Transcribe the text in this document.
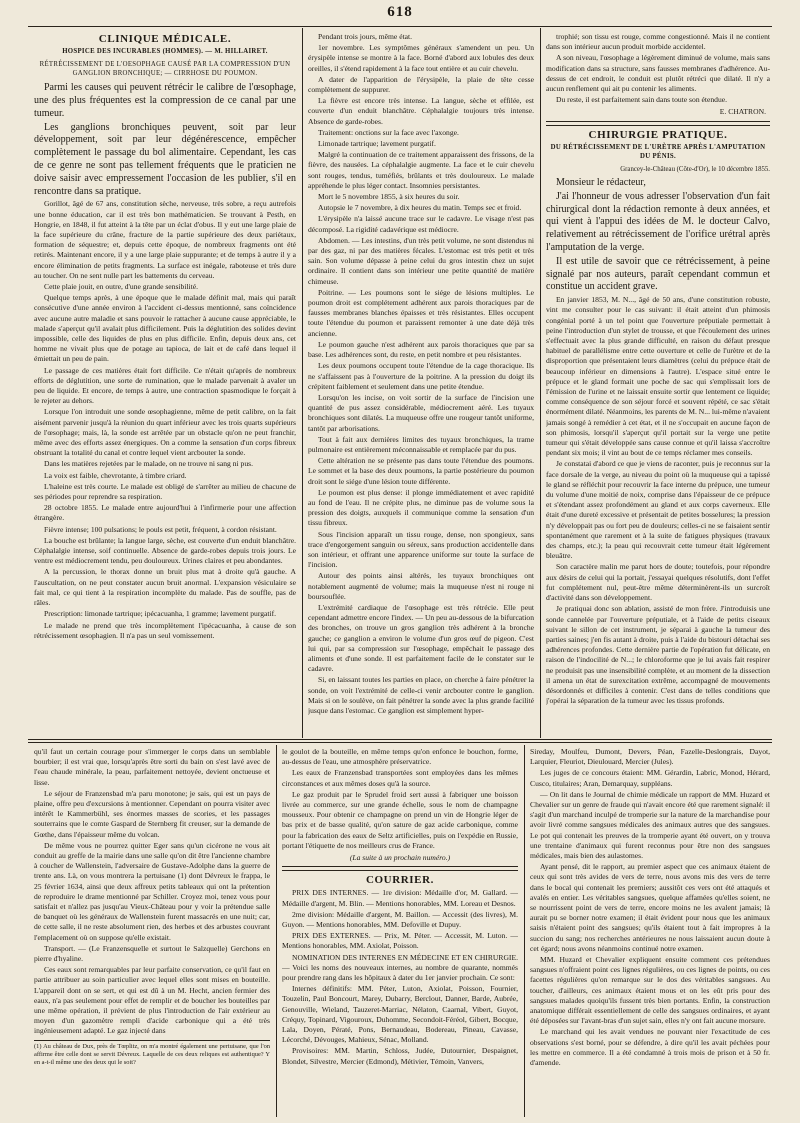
618
CLINIQUE MÉDICALE.
HOSPICE DES INCURABLES (HOMMES). — M. HILLAIRET.
RÉTRÉCISSEMENT DE L'OESOPHAGE CAUSÉ PAR LA COMPRESSION D'UN GANGLION BRONCHIQUE; — CIRRHOSE DU POUMON.

Parmi les causes qui peuvent rétrécir le calibre de l'œsophage, une des plus fréquentes est la compression de ce canal par une tumeur.

Les ganglions bronchiques peuvent, soit par leur développement, soit par leur dégénérescence, empêcher complètement le passage du bol alimentaire. Cependant, les cas de ce genre ne sont pas tellement fréquents que le praticien ne doive saisir avec empressement l'occasion de les publier, s'il en rencontre dans sa pratique.

Gorillot, âgé de 67 ans, constitution sèche, nerveuse, très sobre, a reçu autrefois une bonne éducation, car il est très bon mathématicien. Se trouvant à Pesth, en Hongrie, en 1848, il fut atteint à la tête par un éclat d'obus. Il y eut une large plaie de la face supérieure du crâne, fracture de la partie supérieure des deux pariétaux, formation de séquestre; et, depuis cette époque, de nombreux fragments ont été retirés. Maintenant encore, il y a une large plaie suppurante; et de temps à autre il y a encore élimination de petits fragments. La surface est inégale, raboteuse et très dure au toucher. On ne sent nulle part les battements du cerveau.

Cette plaie jouit, en outre, d'une grande sensibilité.

Quelque temps après, à une époque que le malade définit mal, mais qui paraît consécutive d'une année environ à l'accident ci-dessus mentionné, sans coïncidence avec aucune autre maladie et sans pouvoir le rattacher à aucune cause appréciable, le malade s'aperçut qu'il avalait plus difficilement. Puis la déglutition des solides devint impossible, celle des liquides de plus en plus difficile. Enfin, depuis deux ans, cet homme ne vivait plus que de potage au tapioca, de lait et de café dans lequel il émiettait un peu de pain.

Le passage de ces matières était fort difficile. Ce n'était qu'après de nombreux efforts de déglutition, une sorte de rumination, que le malade parvenait à avaler un peu de liquide. Et encore, de temps à autre, une contraction spasmodique le forçait à le rejeter au dehors.

Lorsque l'on introduit une sonde œsophagienne, même de petit calibre, on la fait aisément parvenir jusqu'à la réunion du quart inférieur avec les trois quarts supérieurs de l'œsophage; mais, là, la sonde est arrêtée par un obstacle qu'on ne peut franchir, même avec des efforts assez énergiques. On a comme la sensation d'un corps fibreux obstruant la totalité du canal et contre lequel vient arcbouter la sonde.

Dans les matières rejetées par le malade, on ne trouve ni sang ni pus.

La voix est faible, chevrotante, à timbre criard.

L'haleine est très courte. Le malade est obligé de s'arrêter au milieu de chacune de ses périodes pour reprendre sa respiration.

28 octobre 1855. Le malade entre aujourd'hui à l'infirmerie pour une affection étrangère.

Fièvre intense; 100 pulsations; le pouls est petit, fréquent, à cordon résistant.

La bouche est brûlante; la langue large, sèche, est couverte d'un enduit blanchâtre. Céphalalgie intense, soif continuelle. Absence de garde-robes depuis trois jours. Le ventre est médiocrement tendu, peu douloureux. Urines claires et peu abondantes.

A la percussion, le thorax donne un bruit plus mat à droite qu'à gauche. A l'auscultation, on ne peut constater aucun bruit anormal. L'expansion vésiculaire se fait mal, ce qui tient à la respiration incomplète du malade. Pas de souffle, pas de râles.

Prescription: limonade tartrique; ipécacuanha, 1 gramme; lavement purgatif.

Le malade ne prend que très incomplètement l'ipécacuanha, à cause de son rétrécissement œsophagien. Il n'a pas un seul vomissement.

Pendant trois jours, même état.

1er novembre. Les symptômes généraux s'amendent un peu. Un érysipèle intense se montre à la face. Borné d'abord aux lobules des deux oreilles, il s'étend rapidement à la face tout entière et au cuir chevelu.

A dater de l'apparition de l'érysipèle, la plaie de tête cesse complètement de suppurer.

La fièvre est encore très intense. La langue, sèche et effilée, est couverte d'un enduit blanchâtre. Céphalalgie toujours très intense. Absence de garde-robes.

Traitement: onctions sur la face avec l'axonge.

Limonade tartrique; lavement purgatif.

Malgré la continuation de ce traitement apparaissent des frissons, de la fièvre, des nausées. La céphalalgie augmente. La face et le cuir chevelu sont rouges, tendus, tuméfiés, brûlants et très douloureux. Le malade appréhende le plus léger contact. Insomnies persistantes.

Mort le 5 novembre 1855, à six heures du soir.

Autopsie le 7 novembre, à dix heures du matin. Temps sec et froid.

L'érysipèle n'a laissé aucune trace sur le cadavre. Le visage n'est pas décomposé. La rigidité cadavérique est médiocre.

Abdomen. — Les intestins, d'un très petit volume, ne sont distendus ni par des gaz, ni par des matières fécales. L'estomac est très petit et très sain. Son volume dépasse à peine celui du gros intestin chez un sujet ordinaire. Il contient dans son intérieur une petite quantité de matière chimeuse.

Poitrine. — Les poumons sont le siége de lésions multiples. Le poumon droit est complétement adhérent aux parois thoraciques par de fausses membranes blanches épaisses et très résistantes. Elles occupent toute l'étendue du poumon et paraissent remonter à une date déjà très ancienne.

Le poumon gauche n'est adhérent aux parois thoraciques que par sa base. Les adhérences sont, du reste, en petit nombre et peu résistantes.

Les deux poumons occupent toute l'étendue de la cage thoracique. Ils ne s'affaissent pas à l'ouverture de la poitrine. A la pression du doigt ils crépitent faiblement et seulement dans une petite étendue.

Lorsqu'on les incise, on voit sortir de la surface de l'incision une quantité de pus assez considérable, médiocrement aéré. Les tuyaux bronchiques sont dilatés. La muqueuse offre une rougeur tantôt uniforme, tantôt par arborisations.

Tout à fait aux dernières limites des tuyaux bronchiques, la trame pulmonaire est entièrement méconnaissable et remplacée par du pus.

Cette altération ne se présente pas dans toute l'étendue des poumons. Le sommet et la base des deux poumons, la partie postérieure du poumon droit sont le siége d'une lésion toute différente.

Le poumon est plus dense: il plonge immédiatement et avec rapidité au fond de l'eau. Il ne crépite plus, ne diminue pas de volume sous la pression des doigts, auxquels il communique comme la sensation d'un tissu fibreux.

Sous l'incision apparaît un tissu rouge, dense, non spongieux, sans trace d'engorgement sanguin ou séreux, sans production accidentelle dans son intérieur, et offrant une apparence uniforme sur toute la surface de l'incision.

Autour des points ainsi altérés, les tuyaux bronchiques ont notablement augmenté de volume; mais la muqueuse n'est ni rouge ni boursouflée.

L'extrémité cardiaque de l'œsophage est très rétrécie. Elle peut cependant admettre encore l'index. — Un peu au-dessous de la bifurcation des bronches, on trouve un gros ganglion très adhérent à la bronche gauche; ce ganglion a environ le volume d'un gros œuf de pigeon. C'est lui qui, par sa compression sur l'œsophage, empêchait le passage des aliments et d'une sonde. Il est parfaitement facile de le constater sur le cadavre.

Si, en laissant toutes les parties en place, on cherche à faire pénétrer la sonde, on voit l'extrémité de celle-ci venir arcbouter contre le ganglion. Mais si on le soulève, on fait pénétrer la sonde avec la plus grande facilité jusque dans l'estomac. Ce ganglion est simplement hyper-

trophié; son tissu est rouge, comme congestionné. Mais il ne contient dans son intérieur aucun produit morbide accidentel.

A son niveau, l'œsophage a légèrement diminué de volume, mais sans modification dans sa structure, sans fausses membranes d'adhérence. Au-dessus de cet endroit, le conduit est plutôt rétréci que dilaté. Il n'y a aucun renflement qui ait pu contenir les aliments.

Du reste, il est parfaitement sain dans toute son étendue.

E. CHATRON.
CHIRURGIE PRATIQUE.
DU RÉTRÉCISSEMENT DE L'URÈTRE APRÈS L'AMPUTATION DU PÉNIS.
Grancey-le-Château (Côte-d'Or), le 10 décembre 1855.

Monsieur le rédacteur,

J'ai l'honneur de vous adresser l'observation d'un fait chirurgical dont la rédaction remonte à deux années, et qui vient à l'appui des idées de M. le docteur Calvo, relativement au rétrécissement de l'orifice urétral après l'amputation de la verge.

Il est utile de savoir que ce rétrécissement, à peine signalé par nos auteurs, paraît cependant commun et constitue un accident grave.

En janvier 1853, M. N..., âgé de 50 ans, d'une constitution robuste, vint me consulter pour le cas suivant: il était atteint d'un phimosis congénial porté à un tel point que l'ouverture préputiale permettait à peine l'introduction d'un stylet de trousse, et que l'écoulement des urines s'effectuait avec la plus grande difficulté, en raison du défaut presque habituel de parallélisme entre cette ouverture et celle de l'urètre et de la disproportion que présentaient leurs diamètres (celui du prépuce était de beaucoup inférieur en dimensions à l'autre). L'espace situé entre le prépuce et le gland formait une poche de sac qui s'emplissait lors de l'émission de l'urine et ne laissait ensuite sortir que lentement ce liquide; comme conséquence de son séjour forcé et souvent répété, ce sac s'était énormément dilaté. Néanmoins, les parents de M. N... lui-même n'avaient jamais songé à remédier à cet état, et il ne s'occupait en aucune façon de son phimosis, lorsqu'il s'aperçut qu'il portait sur la verge une petite tumeur qui s'était développée sans cause connue et qu'il laissa s'accroître pendant six mois; il vint au bout de ce temps réclamer mes conseils.

Je constatai d'abord ce que je viens de raconter, puis je reconnus sur la face dorsale de la verge, au niveau du point où la muqueuse qui a tapissé le gland se réfléchit pour recouvrir la face interne du prépuce, une tumeur du volume d'une moitié de noix, comprise dans l'épaisseur de ce prépuce et s'étendant assez profondément au gland et aux corps caverneux. Elle était d'une dureté excessive et présentait de petites bosselures; la pression n'y développait pas ou fort peu de douleurs; celles-ci ne se faisaient sentir spontanément que rarement et à la suite de fatigues physiques (travaux des champs, etc.); la peau qui recouvrait cette tumeur était légèrement bleuâtre.

Son caractère malin me parut hors de doute; toutefois, pour répondre aux désirs de celui qui la portait, j'essayai quelques résolutifs, dont l'effet fut complétement nul, peut-être même déterminèrent-ils un surcroît d'activité dans son développement.

Je pratiquai donc son ablation, assisté de mon frère. J'introduisis une sonde cannelée par l'ouverture préputiale, et à l'aide de petits ciseaux suivant le sillon de cet instrument, je séparai à gauche la tumeur des parties saines; j'en fis autant à droite, puis à l'aide du bistouri détachai ses adhérences profondes. Cette dernière partie de l'opération fut délicate, en raison de l'indocilité de N...; le chloroforme que je lui avais fait respirer ne produisit pas une insensibilité complète, et au moment de la dissection il amena un état de surexcitation extrême, accompagné de mouvements désordonnés et difficiles à contenir. C'est dans de telles conditions que j'opérai la séparation de la tumeur avec les tissus profonds.

qu'il faut un certain courage pour s'immerger le corps dans un semblable bourbier; il est vrai que, lorsqu'après être sorti du bain on s'est lavé avec de l'eau chaude minérale, la peau, parfaitement nettoyée, devient onctueuse et lisse.

Le séjour de Franzensbad m'a paru monotone; je sais, qui est un pays de plaine, offre peu d'excursions à mentionner. Cependant on pourra visiter avec intérêt le Kammerbühl, ses énormes masses de scories, et les passages souterrains que le comte Gaspard de Sternberg fit creuser, sur la demande de Gœthe, dans l'épaisseur même du volcan.

De même vous ne pourrez quitter Eger sans qu'un cicérone ne vous ait conduit au greffe de la mairie dans une salle qu'on dit être l'ancienne chambre à coucher de Wallenstein, l'adversaire de Gustave-Adolphe dans la guerre de trente ans. Là, on vous montrera la pertuisane (1) dont Dévreux le frappa, le 25 février 1634, ainsi que deux affreux petits tableaux qui ont la prétention de reproduire le drame mentionné par Schiller. Croyez moi, tenez vous pour satisfait et n'allez pas jusqu'au Vieux-Château pour y voir la prétendue salle de banquet où les généraux de Wallenstein furent massacrés en une nuit; car, de cette salle, il ne reste absolument rien, des herbes et des arbustes couvrant l'emplacement où on suppose qu'elle existait.

Transport. — (Le Franzensquelle et surtout le Salzquelle) Gerchons en pierre d'hyaline.

Ces eaux sont remarquables par leur parfaite conservation, ce qu'il faut en partie attribuer au soin particulier avec lequel elles sont mises en bouteille. L'appareil dont on se sert, et qui est dû à un M. Hecht, ancien fermier des eaux, n'a pas seulement pour effet de remplir et de boucher les bouteilles par une même opération, il prévient de plus l'introduction de l'air extérieur au moyen d'un gazomètre rempli d'acide carbonique qui a été très ingénieusement adapté. Le gaz injecté dans

(1) Au château de Dux, près de Tœplitz, on m'a montré également une pertuisane, que l'on affirme être celle dont se servit Dévreux. Laquelle de ces deux reliques est authentique? Y en a-t-il même une des deux qui le soit?

le goulot de la bouteille, en même temps qu'on enfonce le bouchon, forme, au-dessus de l'eau, une atmosphère préservatrice.

Les eaux de Franzensbad transportées sont employées dans les mêmes circonstances et aux mêmes doses qu'à la source.

Le gaz produit par le Sprudel froid sert aussi à fabriquer une boisson livrée au commerce, sur une grande échelle, sous le nom de champagne mousseux. Pour obtenir ce champagne on prend un vin de Hongrie léger de bas prix et de basse qualité, qu'on sature de gaz acide carbonique, comme pour la fabrication des eaux de Seltz artificielles, puis on l'expédie en Russie, portant l'étiquette de nos meilleurs crus de France.

(La suite à un prochain numéro.)
COURRIER.

PRIX DES INTERNES. — 1re division: Médaille d'or, M. Gallard. — Médaille d'argent, M. Blin. — Mentions honorables, MM. Loreau et Desnos.

2me division: Médaille d'argent, M. Baillon. — Accessit (des livres), M. Guyon. — Mentions honorables, MM. Defoville et Dupuy.

PRIX DES EXTERNES. — Prix, M. Péter. — Accessit, M. Luton. — Mentions honorables, MM. Axiolat, Poisson.

NOMINATION DES INTERNES EN MÉDECINE ET EN CHIRURGIE. — Voici les noms des nouveaux internes, au nombre de quarante, nommés pour prendre rang dans les hôpitaux à dater du 1er janvier prochain. Ce sont:

Internes définitifs: MM. Péter, Luton, Axiolat, Poisson, Fournier, Touzelin, Paul Boncourt, Marey, Dubarry, Berclout, Danner, Barde, Aubrée, Genouville, Wieland, Tauzeret-Marriac, Nélaton, Caarnal, Vibert, Guyot, Créquy, Topinard, Vigouroux, Duhomme, Secondoit-Féréol, Gibert, Bocque, Lala, Doyen, Pératé, Pons, Bernaudeau, Bodereau, Pineau, Cavasse, Lécorché, Dévouges, Mahieux, Sénac, Molland.

Provisoires: MM. Martin, Schloss, Judée, Dutournier, Despaignet, Blondet, Silvestre, Mercier (Edmond), Métivier, Témoin, Vanvers,

Sireday, Moulfeu, Dumont, Devers, Péan, Fazelle-Deslongrais, Dayot, Larquier, Fleuriot, Dieulouard, Mercier (Jules).

Les juges de ce concours étaient: MM. Gérardin, Labric, Monod, Hérard, Cusco, titulaires; Aran, Demarquay, suppléans.

— On lit dans le Journal de chimie médicale un rapport de MM. Huzard et Chevalier sur un genre de fraude qui n'avait encore été que rarement signalé: il s'agit d'un marchand inculpé de tromperie sur la nature de la marchandise pour avoir livré comme sangsues médicales des animaux autres que des sangsues. Le pot qui contenait les preuves de la tromperie ayant été ouvert, on y trouva une trentaine d'animaux qui furent reconnus pour être non des sangsues médicales, mais bien des aulastomes.

Ayant pensé, dit le rapport, au premier aspect que ces animaux étaient de ceux qui sont très avides de vers de terre, nous avons mis des vers de terre dans le bocal qui contenait les premiers; aussitôt ces vers ont été attaqués et avalés en entier. Les véritables sangsues, quelque affamées qu'elles soient, ne se nourrissent point de vers de terre, encore moins ne les avalent jamais; là aurait pu se borner notre examen; il était évident pour nous que les animaux saisis n'étaient point des sangsues; qu'ils étaient tout à fait impropres à la succion du sang; nos recherches antérieures ne nous laissaient aucun doute à cet égard; nous avons néanmoins continué notre examen.

MM. Huzard et Chevalier expliquent ensuite comment ces prétendues sangsues n'offraient point ces lignes régulières, ou ces lignes de points, ou ces facettes régulières qu'on remarque sur le dos des véritables sangsues. Au toucher, d'ailleurs, ces animaux étaient mous et on les eût pris pour des sangsues malades quoiqu'ils fussent très bien portants. Enfin, la construction anatomique différait essentiellement de celle des sangsues ordinaires, et ayant été déposées sur l'avant-bras d'un sujet sain, elles n'y ont fait aucune morsure.

Le marchand qui les avait vendues ne pouvant nier l'exactitude de ces observations s'est borné, pour se défendre, à dire qu'il les avait péchées pour les mettre en commerce. Il a été condamné à trois mois de prison et à 50 fr. d'amende.
